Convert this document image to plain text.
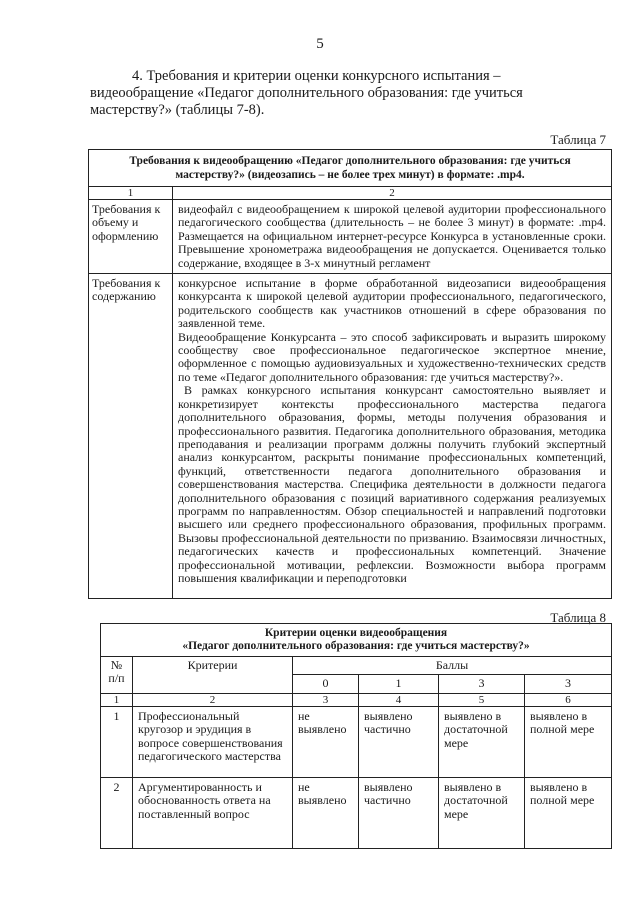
5
4. Требования и критерии оценки конкурсного испытания –
видеообращение «Педагог дополнительного образования: где учиться
мастерству?» (таблицы 7-8).
Таблица 7
Требования к видеообращению «Педагог дополнительного образования: где учиться
мастерству?» (видеозапись – не более трех минут) в формате: .mp4.	
1	2
Требования к объему и оформлению	видеофайл с видеообращением к широкой целевой аудитории профессионального педагогического сообщества (длительность – не более 3 минут) в формате: .mp4. Размещается на официальном интернет-ресурсе Конкурса в установленные сроки. Превышение хронометража видеообращения не допускается. Оценивается только содержание, входящее в 3-х минутный регламент

Требования к содержанию	конкурсное испытание в форме обработанной видеозаписи видеообращения конкурсанта к широкой целевой аудитории профессионального, педагогического, родительского сообществ как участников отношений в сфере образования по заявленной теме.

Видеообращение Конкурсанта – это способ зафиксировать и выразить широкому сообществу свое профессиональное педагогическое экспертное мнение, оформленное с помощью аудиовизуальных и художественно-технических средств по теме «Педагог дополнительного образования: где учиться мастерству?».

В рамках конкурсного испытания конкурсант самостоятельно выявляет и конкретизирует контексты профессионального мастерства педагога дополнительного образования, формы, методы получения образования и профессионального развития. Педагогика дополнительного образования, методика преподавания и реализации программ должны получить глубокий экспертный анализ конкурсантом, раскрыты понимание профессиональных компетенций, функций, ответственности педагога дополнительного образования и совершенствования мастерства. Специфика деятельности в должности педагога дополнительного образования с позиций вариативного содержания реализуемых программ по направленностям. Обзор специальностей и направлений подготовки высшего или среднего профессионального образования, профильных программ. Вызовы профессиональной деятельности по призванию. Взаимосвязи личностных, педагогических качеств и профессиональных компетенций. Значение профессиональной мотивации, рефлексии. Возможности выбора программ повышения квалификации и переподготовки

Таблица 8
Критерии оценки видеообращения
«Педагог дополнительного образования: где учиться мастерству?»					
№ п/п	Критерии	Баллы			
		0	1	3	3
1	2	3	4	5	6
1	Профессиональный кругозор и эрудиция в вопросе совершенствования педагогического мастерства	не выявлено	выявлено частично	выявлено в достаточной мере	выявлено в полной мере
2	Аргументированность и обоснованность ответа на поставленный вопрос	не выявлено	выявлено частично	выявлено в достаточной мере	выявлено в полной мере
